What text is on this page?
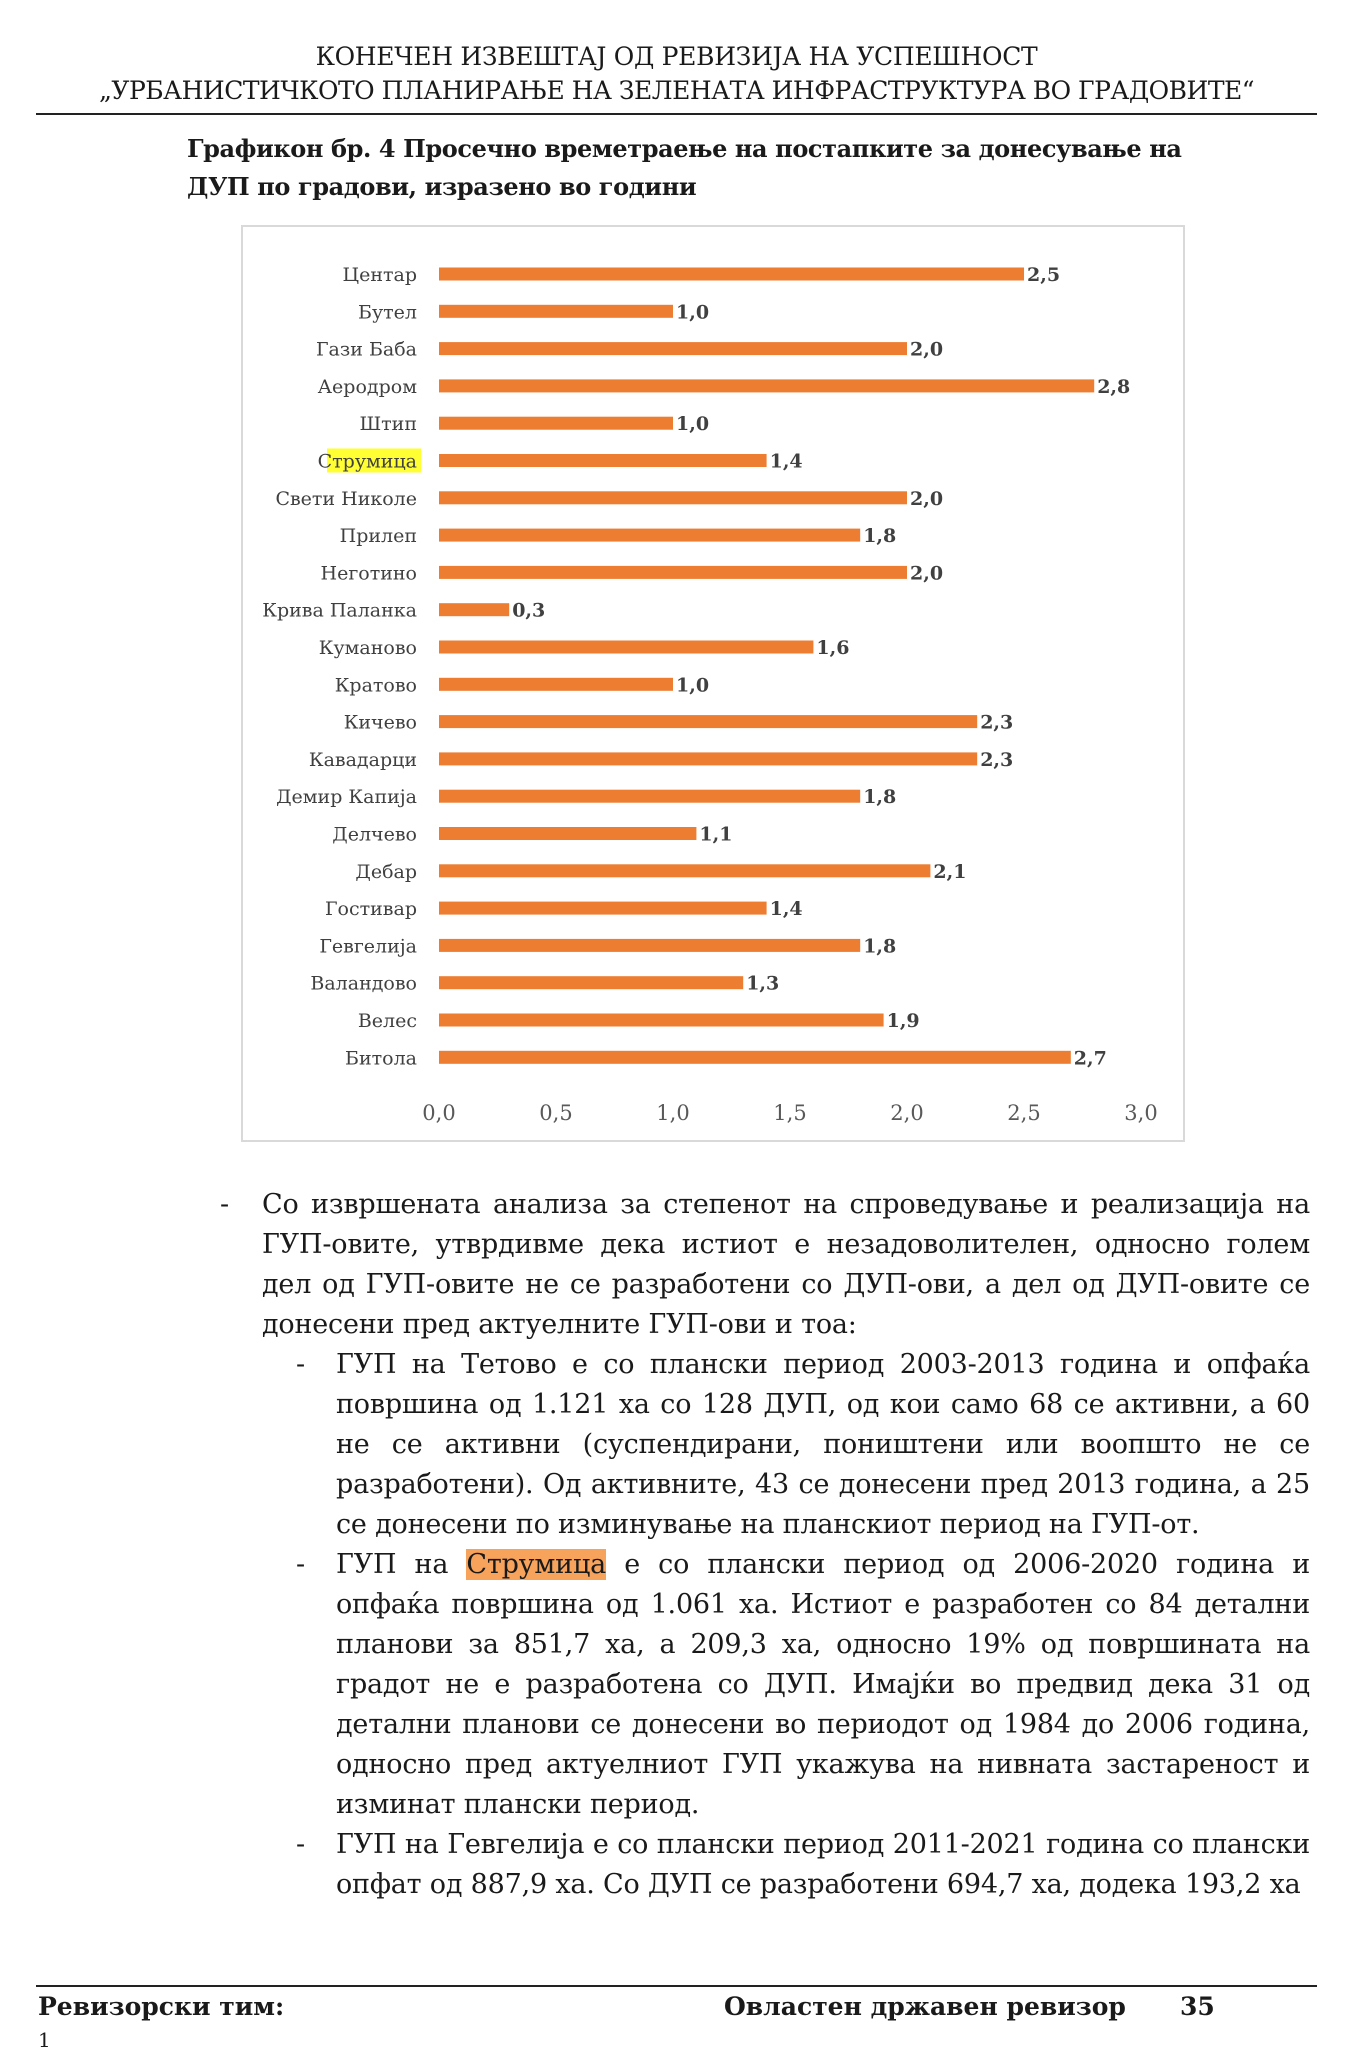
КОНЕЧЕН ИЗВЕШТАЈ ОД РЕВИЗИЈА НА УСПЕШНОСТ
„УРБАНИСТИЧКОТО ПЛАНИРАЊЕ НА ЗЕЛЕНАТА ИНФРАСТРУКТУРА ВО ГРАДОВИТЕ“
Графикон бр. 4 Просечно времетраење на постапките за донесување на ДУП по градови, изразено во години
Центар	2,5
Бутел	1,0
Гази Баба	2,0
Аеродром	2,8
Штип	1,0
Струмица	1,4
Свети Николе	2,0
Прилеп	1,8
Неготино	2,0
Крива Паланка	0,3
Куманово	1,6
Кратово	1,0
Кичево	2,3
Кавадарци	2,3
Демир Капија	1,8
Делчево	1,1
Дебар	2,1
Гостивар	1,4
Гевгелија	1,8
Валандово	1,3
Велес	1,9
Битола	2,7
0,0	0,5	1,0	1,5	2,0	2,5	3,0
- Со извршената анализа за степенот на спроведување и реализација на ГУП-овите, утврдивме дека истиот е незадоволителен, односно голем дел од ГУП-овите не се разработени со ДУП-ови, а дел од ДУП-овите се донесени пред актуелните ГУП-ови и тоа:
- ГУП на Тетово е со плански период 2003-2013 година и опфаќа површина од 1.121 ха со 128 ДУП, од кои само 68 се активни, а 60 не се активни (суспендирани, поништени или воопшто не се разработени). Од активните, 43 се донесени пред 2013 година, а 25 се донесени по изминување на планскиот период на ГУП-от.
- ГУП на Струмица е со плански период од 2006-2020 година и опфаќа површина од 1.061 ха. Истиот е разработен со 84 детални планови за 851,7 ха, а 209,3 ха, односно 19% од површината на градот не е разработена со ДУП. Имајќи во предвид дека 31 од детални планови се донесени во периодот од 1984 до 2006 година, односно пред актуелниот ГУП укажува на нивната застареност и изминат плански период.
- ГУП на Гевгелија е со плански период 2011-2021 година со плански опфат од 887,9 ха. Со ДУП се разработени 694,7 ха, додека 193,2 ха
Ревизорски тим:	Овластен државен ревизор 35
1
